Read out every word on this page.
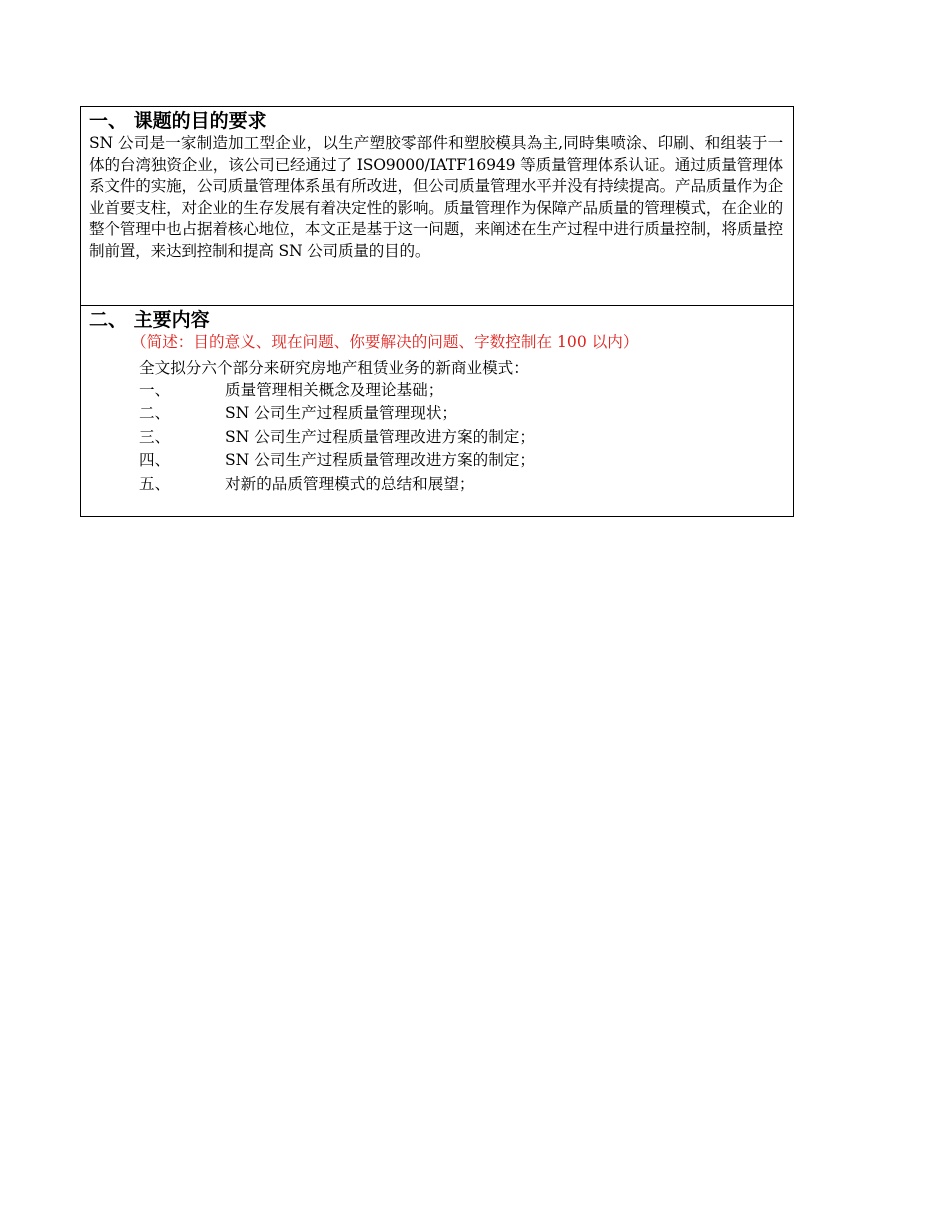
一、 课题的目的要求

SN 公司是一家制造加工型企业，以生产塑胶零部件和塑胶模具為主,同時集喷涂、印刷、和组装于一体的台湾独资企业，该公司已经通过了 ISO9000/IATF16949 等质量管理体系认证。通过质量管理体系文件的实施，公司质量管理体系虽有所改进，但公司质量管理水平并没有持续提高。产品质量作为企业首要支柱，对企业的生存发展有着决定性的影响。质量管理作为保障产品质量的管理模式，在企业的整个管理中也占据着核心地位，本文正是基于这一问题，来阐述在生产过程中进行质量控制，将质量控制前置，来达到控制和提高 SN 公司质量的目的。

二、 主要内容

（简述：目的意义、现在问题、你要解决的问题、字数控制在 100 以内）

全文拟分六个部分来研究房地产租赁业务的新商业模式：

一、	质量管理相关概念及理论基础；
二、	SN 公司生产过程质量管理现状；
三、	SN 公司生产过程质量管理改进方案的制定；
四、	SN 公司生产过程质量管理改进方案的制定；
五、	对新的品质管理模式的总结和展望；
